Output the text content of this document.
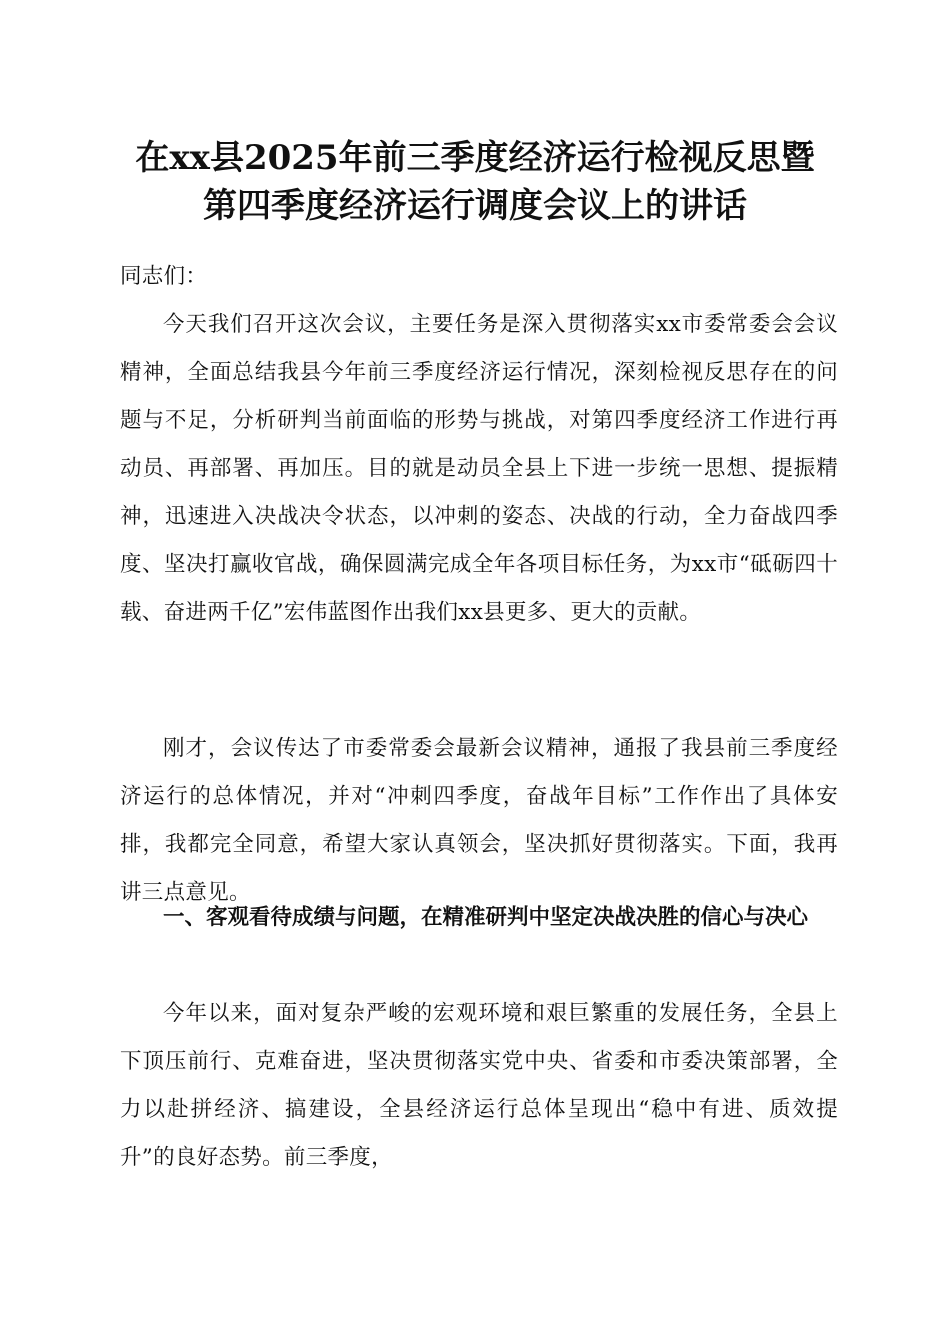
在xx县2025年前三季度经济运行检视反思暨
第四季度经济运行调度会议上的讲话

同志们：

今天我们召开这次会议，主要任务是深入贯彻落实xx市委常委会会议精神，全面总结我县今年前三季度经济运行情况，深刻检视反思存在的问题与不足，分析研判当前面临的形势与挑战，对第四季度经济工作进行再动员、再部署、再加压。目的就是动员全县上下进一步统一思想、提振精神，迅速进入决战决令状态，以冲刺的姿态、决战的行动，全力奋战四季度、坚决打赢收官战，确保圆满完成全年各项目标任务，为xx市“砥砺四十载、奋进两千亿”宏伟蓝图作出我们xx县更多、更大的贡献。

刚才，会议传达了市委常委会最新会议精神，通报了我县前三季度经济运行的总体情况，并对“冲刺四季度，奋战年目标”工作作出了具体安排，我都完全同意，希望大家认真领会，坚决抓好贯彻落实。下面，我再讲三点意见。

一、客观看待成绩与问题，在精准研判中坚定决战决胜的信心与决心

今年以来，面对复杂严峻的宏观环境和艰巨繁重的发展任务，全县上下顶压前行、克难奋进，坚决贯彻落实党中央、省委和市委决策部署，全力以赴拼经济、搞建设，全县经济运行总体呈现出“稳中有进、质效提升”的良好态势。前三季度，
